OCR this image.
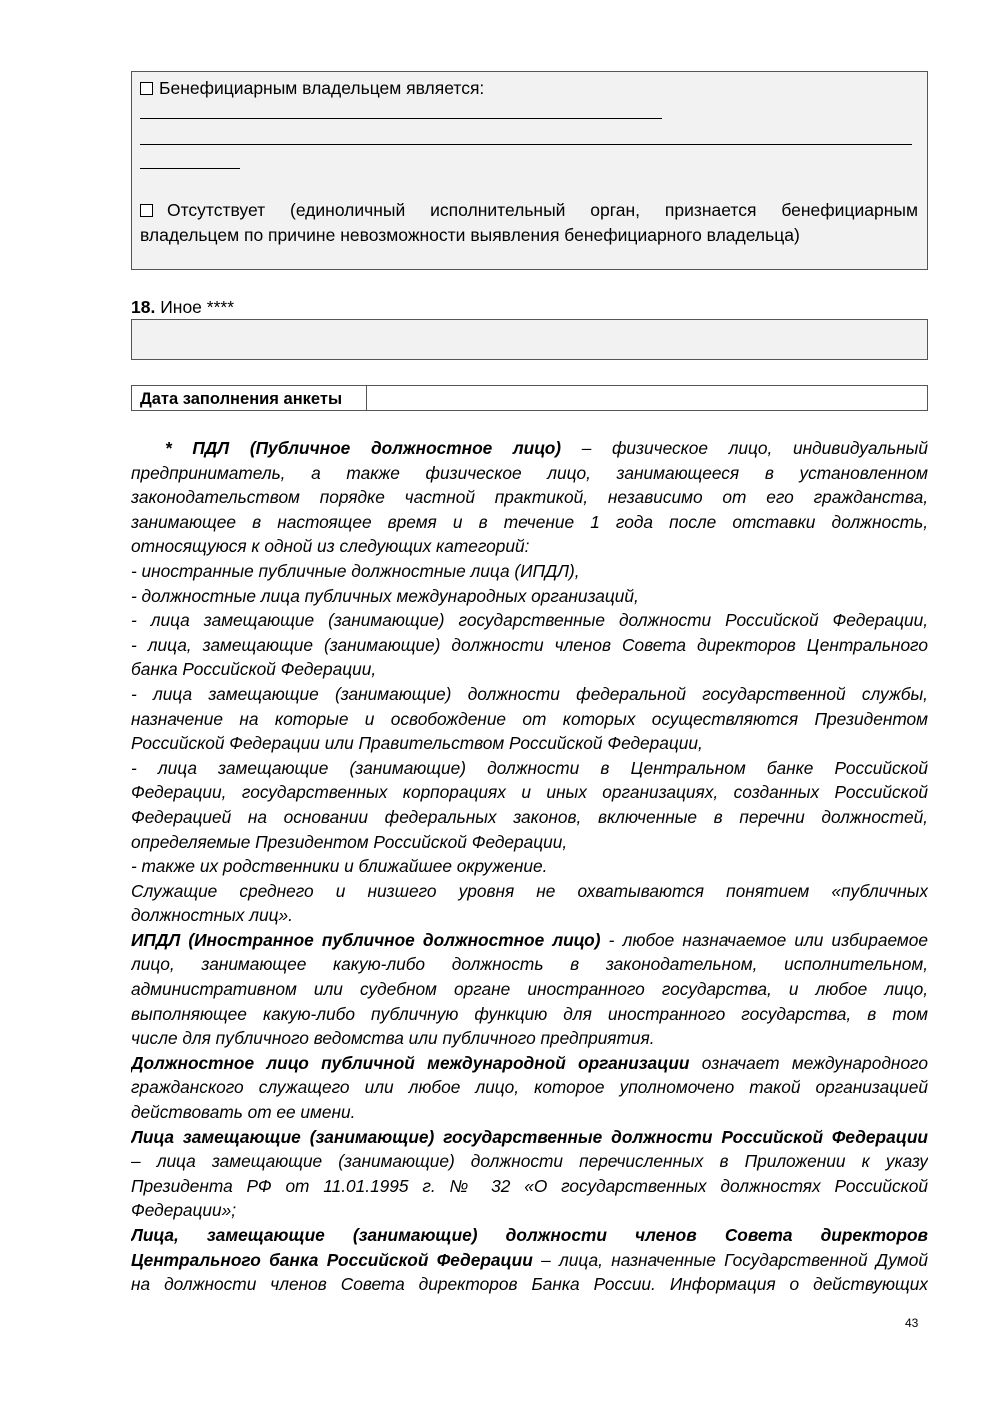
Бенефициарным владельцем является:
Отсутствует (единоличный исполнительный орган, признается бенефициарным
владельцем по причине невозможности выявления бенефициарного владельца)
18. Иное ****
Дата заполнения анкеты
* ПДЛ (Публичное должностное лицо) – физическое лицо, индивидуальный
предприниматель, а также физическое лицо, занимающееся в установленном
законодательством порядке частной практикой, независимо от его гражданства,
занимающее в настоящее время и в течение 1 года после отставки должность,
относящуюся к одной из следующих категорий:
- иностранные публичные должностные лица (ИПДЛ),
- должностные лица публичных международных организаций,
- лица замещающие (занимающие) государственные должности Российской Федерации,
- лица, замещающие (занимающие) должности членов Совета директоров Центрального
банка Российской Федерации,
- лица замещающие (занимающие) должности федеральной государственной службы,
назначение на которые и освобождение от которых осуществляются Президентом
Российской Федерации или Правительством Российской Федерации,
- лица замещающие (занимающие) должности в Центральном банке Российской
Федерации, государственных корпорациях и иных организациях, созданных Российской
Федерацией на основании федеральных законов, включенные в перечни должностей,
определяемые Президентом Российской Федерации,
- также их родственники и ближайшее окружение.
Служащие среднего и низшего уровня не охватываются понятием «публичных
должностных лиц».
ИПДЛ (Иностранное публичное должностное лицо) - любое назначаемое или избираемое
лицо, занимающее какую-либо должность в законодательном, исполнительном,
административном или судебном органе иностранного государства, и любое лицо,
выполняющее какую-либо публичную функцию для иностранного государства, в том
числе для публичного ведомства или публичного предприятия.
Должностное лицо публичной международной организации означает международного
гражданского служащего или любое лицо, которое уполномочено такой организацией
действовать от ее имени.
Лица замещающие (занимающие) государственные должности Российской Федерации
– лица замещающие (занимающие) должности перечисленных в Приложении к указу
Президента РФ от 11.01.1995 г. № 32 «О государственных должностях Российской
Федерации»;
Лица, замещающие (занимающие) должности членов Совета директоров
Центрального банка Российской Федерации – лица, назначенные Государственной Думой
на должности членов Совета директоров Банка России. Информация о действующих
43
